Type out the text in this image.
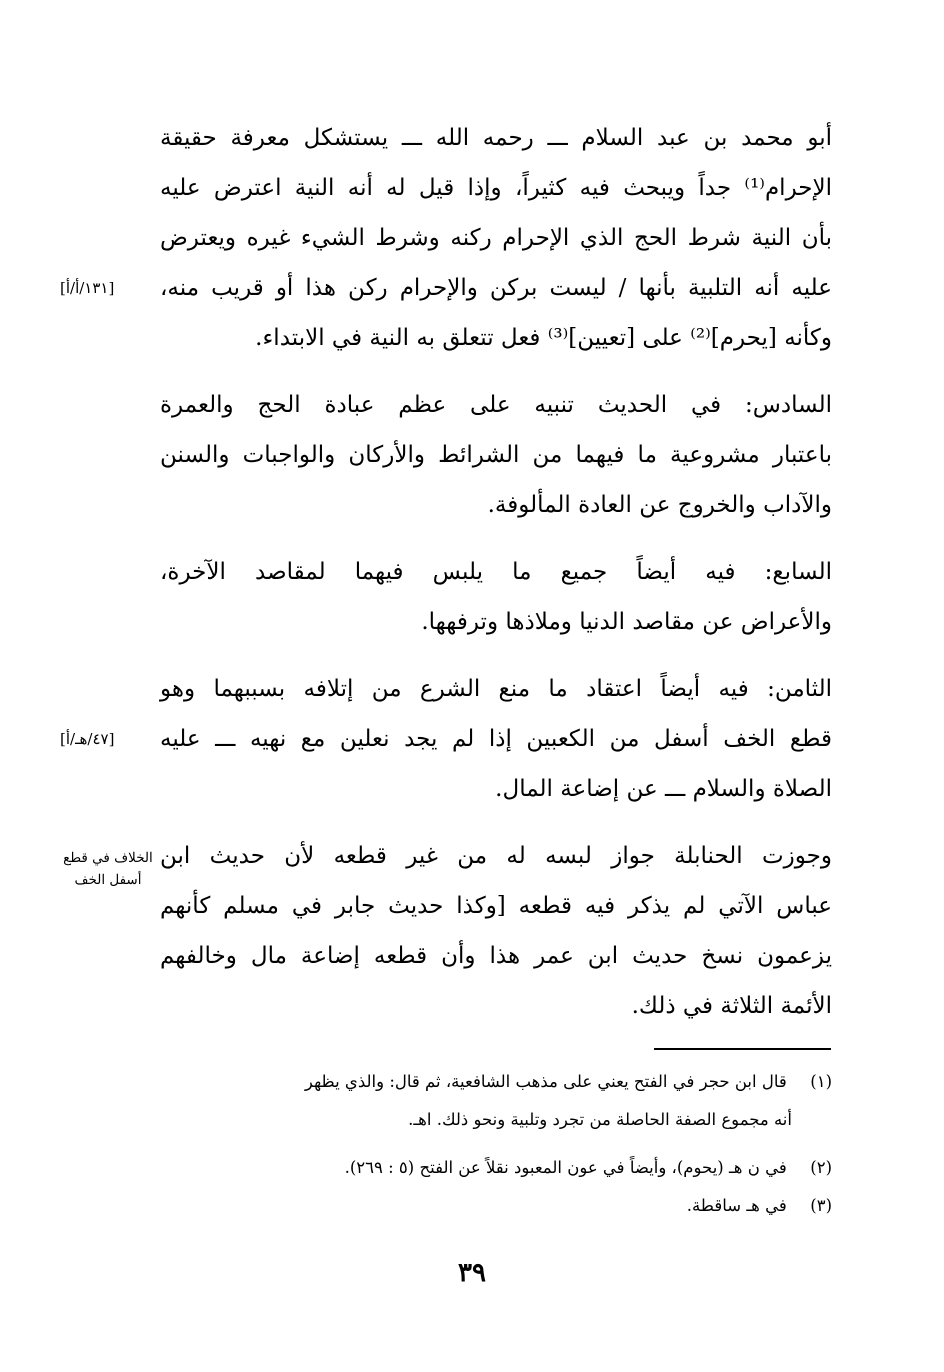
أبو محمد بن عبد السلام ـــ رحمه الله ـــ يستشكل معرفة حقيقة
الإحرام⁽¹⁾ جداً ويبحث فيه كثيراً، وإذا قيل له أنه النية اعترض عليه
بأن النية شرط الحج الذي الإحرام ركنه وشرط الشيء غيره ويعترض
عليه أنه التلبية بأنها / ليست بركن والإحرام ركن هذا أو قريب منه،
وكأنه [يحرم]⁽²⁾ على [تعيين]⁽³⁾ فعل تتعلق به النية في الابتداء.
السادس: في الحديث تنبيه على عظم عبادة الحج والعمرة
باعتبار مشروعية ما فيهما من الشرائط والأركان والواجبات والسنن
والآداب والخروج عن العادة المألوفة.
السابع: فيه أيضاً جميع ما يلبس فيهما لمقاصد الآخرة،
والأعراض عن مقاصد الدنيا وملاذها وترفهها.
الثامن: فيه أيضاً اعتقاد ما منع الشرع من إتلافه بسببهما وهو
قطع الخف أسفل من الكعبين إذا لم يجد نعلين مع نهيه ـــ عليه
الصلاة والسلام ـــ عن إضاعة المال.
وجوزت الحنابلة جواز لبسه له من غير قطعه لأن حديث ابن
عباس الآتي لم يذكر فيه قطعه [وكذا حديث جابر في مسلم كأنهم
يزعمون نسخ حديث ابن عمر هذا وأن قطعه إضاعة مال وخالفهم
الأئمة الثلاثة في ذلك.
[١٣١/أ/أ]
[٤٧/هـ/أ]
الخلاف في قطع
أسفل الخف
(١) قال ابن حجر في الفتح يعني على مذهب الشافعية، ثم قال: والذي يظهر
أنه مجموع الصفة الحاصلة من تجرد وتلبية ونحو ذلك. اهـ.
(٢) في ن هـ (يحوم)، وأيضاً في عون المعبود نقلاً عن الفتح (٥ : ٢٦٩).
(٣) في هـ ساقطة.
٣٩
